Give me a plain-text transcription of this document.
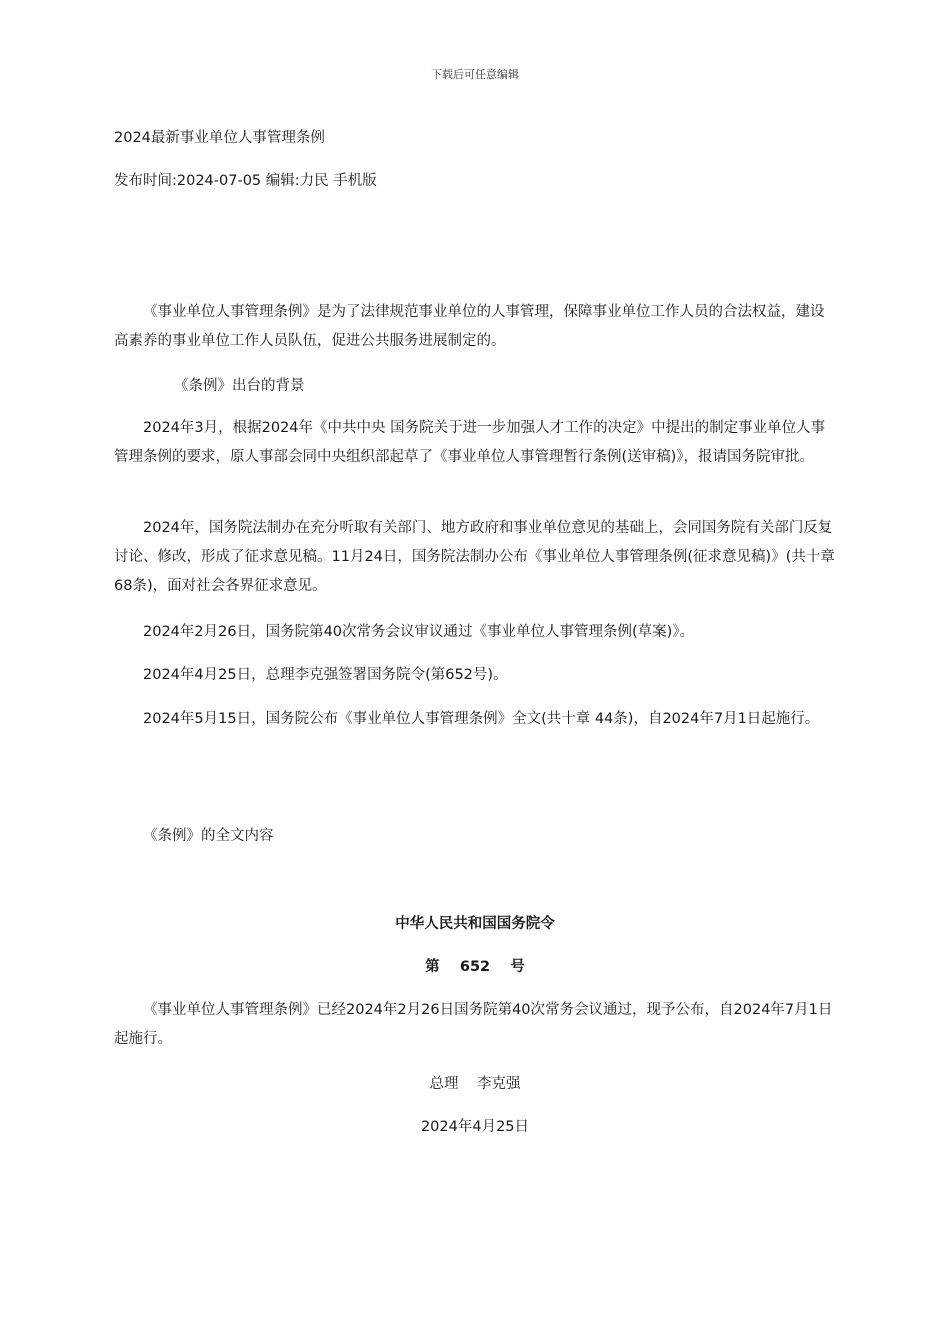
下载后可任意编辑

2024最新事业单位人事管理条例

发布时间:2024-07-05 编辑:力民 手机版

《事业单位人事管理条例》是为了法律规范事业单位的人事管理，保障事业单位工作人员的合法权益，建设高素养的事业单位工作人员队伍，促进公共服务进展制定的。

《条例》出台的背景

2024年3月，根据2024年《中共中央 国务院关于进一步加强人才工作的决定》中提出的制定事业单位人事管理条例的要求，原人事部会同中央组织部起草了《事业单位人事管理暂行条例(送审稿)》，报请国务院审批。

2024年，国务院法制办在充分听取有关部门、地方政府和事业单位意见的基础上，会同国务院有关部门反复讨论、修改，形成了征求意见稿。11月24日，国务院法制办公布《事业单位人事管理条例(征求意见稿)》(共十章 68条)，面对社会各界征求意见。

2024年2月26日，国务院第40次常务会议审议通过《事业单位人事管理条例(草案)》。

2024年4月25日，总理李克强签署国务院令(第652号)。

2024年5月15日，国务院公布《事业单位人事管理条例》全文(共十章 44条)，自2024年7月1日起施行。

《条例》的全文内容

中华人民共和国国务院令

第    652    号

《事业单位人事管理条例》已经2024年2月26日国务院第40次常务会议通过，现予公布，自2024年7月1日起施行。

总理    李克强

2024年4月25日
